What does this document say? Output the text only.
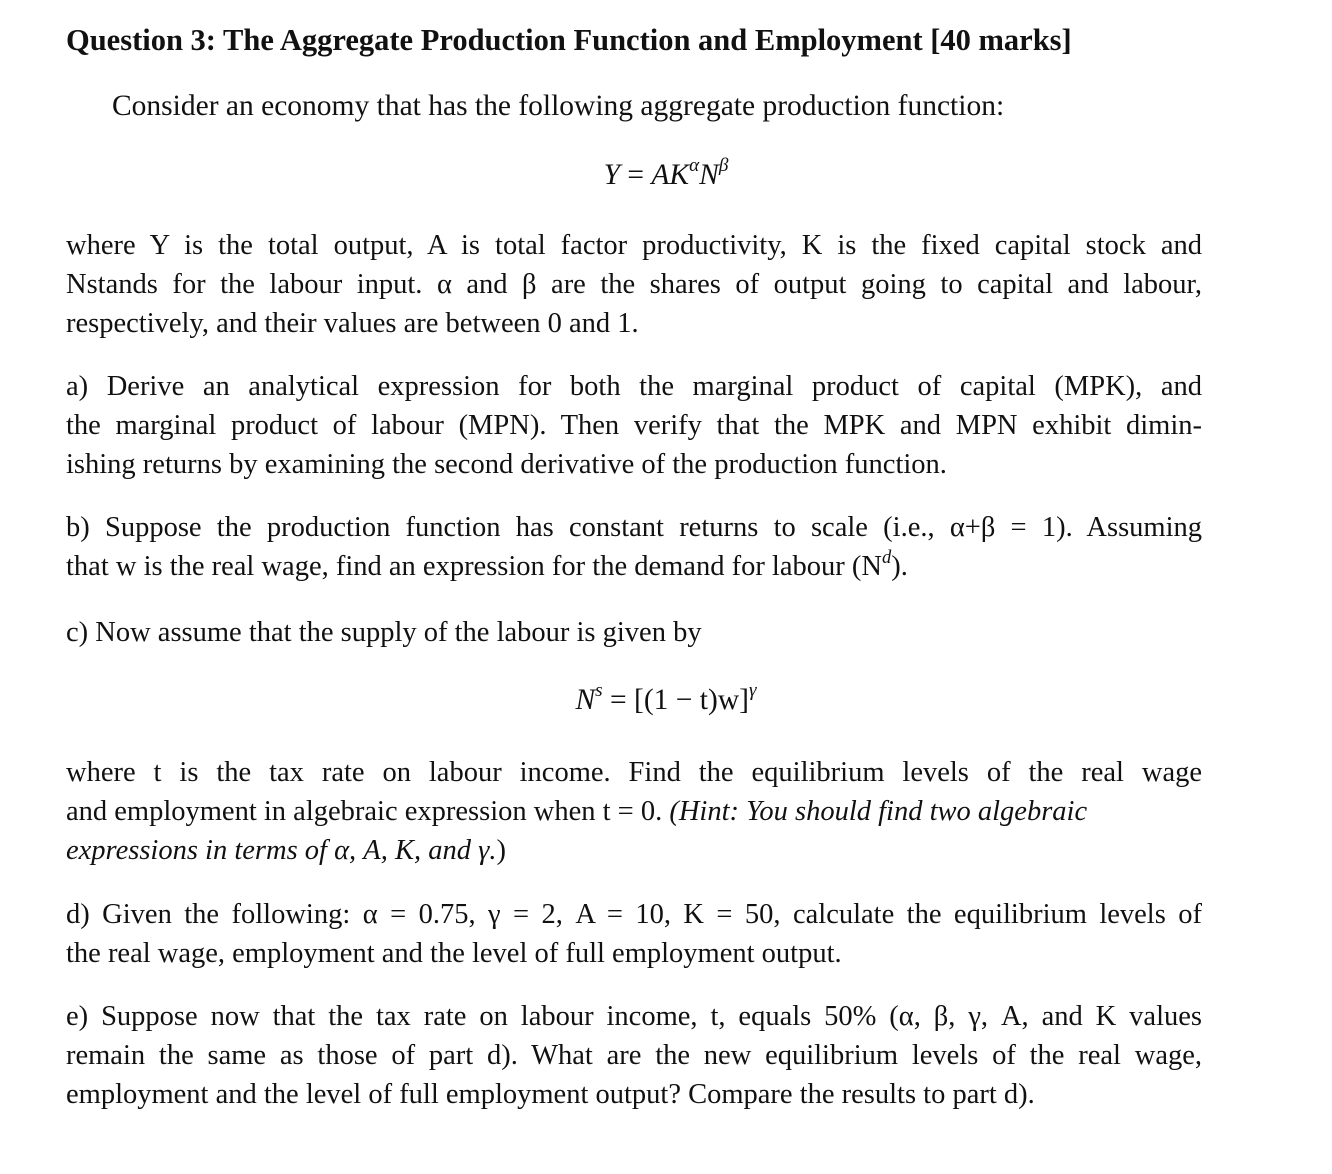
Question 3: The Aggregate Production Function and Employment [40 marks]

Consider an economy that has the following aggregate production function:

$Y = AK^\alpha N^\beta$
where Y is the total output, A is total factor productivity, K is the fixed capital stock and
Nstands for the labour input. α and β are the shares of output going to capital and labour,
respectively, and their values are between 0 and 1.
a) Derive an analytical expression for both the marginal product of capital (MPK), and
the marginal product of labour (MPN). Then verify that the MPK and MPN exhibit dimin-
ishing returns by examining the second derivative of the production function.
b) Suppose the production function has constant returns to scale (i.e., α+β = 1). Assuming
that w is the real wage, find an expression for the demand for labour $(N^d)$.
c) Now assume that the supply of the labour is given by
$N^s = [(1 - t)w]^\gamma$
where t is the tax rate on labour income. Find the equilibrium levels of the real wage
and employment in algebraic expression when t = 0. (Hint: You should find two algebraic
expressions in terms of α, A, K, and γ.)
d) Given the following: α = 0.75, γ = 2, A = 10, K = 50, calculate the equilibrium levels of
the real wage, employment and the level of full employment output.
e) Suppose now that the tax rate on labour income, t, equals 50% (α, β, γ, A, and K values
remain the same as those of part d). What are the new equilibrium levels of the real wage,
employment and the level of full employment output? Compare the results to part d).
